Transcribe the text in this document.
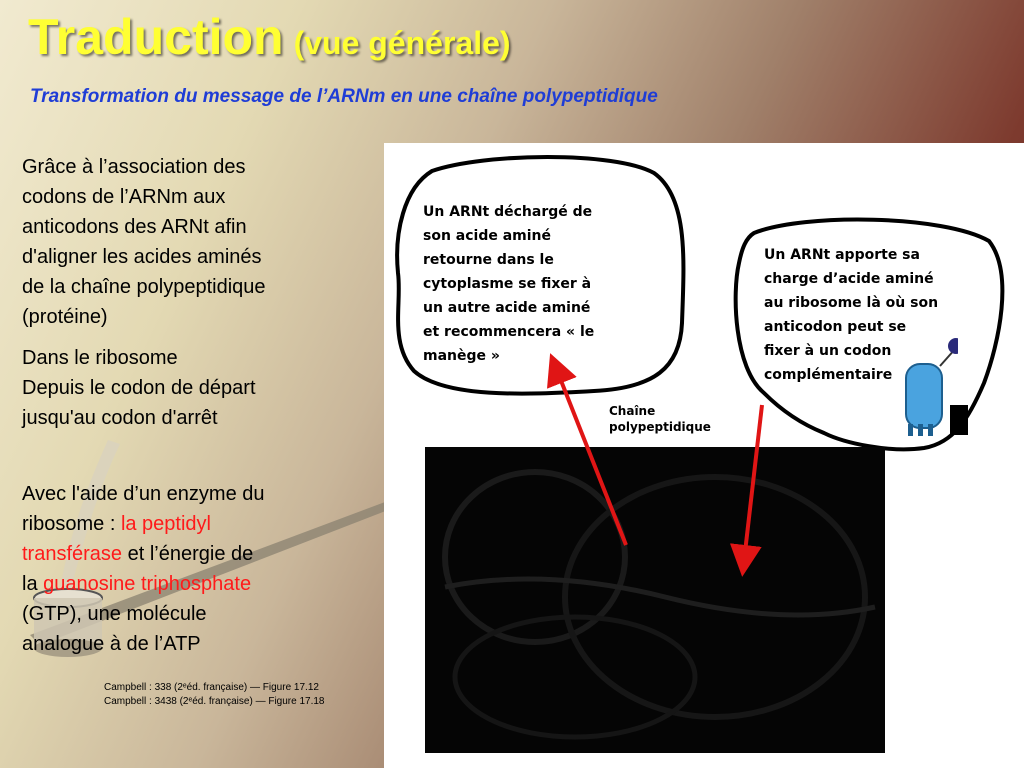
Traduction (vue générale)
Transformation du message de l’ARNm en une chaîne polypeptidique
Grâce à l’association des
codons de l’ARNm aux
anticodons des ARNt afin
d'aligner les acides aminés
de la chaîne polypeptidique
(protéine)
Dans le ribosome
Depuis le codon de départ
jusqu'au codon d'arrêt
Avec l'aide d’un enzyme du
ribosome : la peptidyl
transférase et l’énergie de
la guanosine triphosphate
(GTP), une molécule
analogue à de l’ATP
Campbell : 338 (2ᵉéd. française) — Figure 17.12
Campbell : 3438 (2ᵉéd. française) — Figure 17.18
Un ARNt déchargé de
son acide aminé
retourne dans le
cytoplasme se fixer à
un autre acide aminé
et recommencera « le
manège »
Un ARNt apporte sa
charge d’acide aminé
au ribosome là où son
anticodon peut se
fixer à un codon
complémentaire
Chaîne
polypeptidique
